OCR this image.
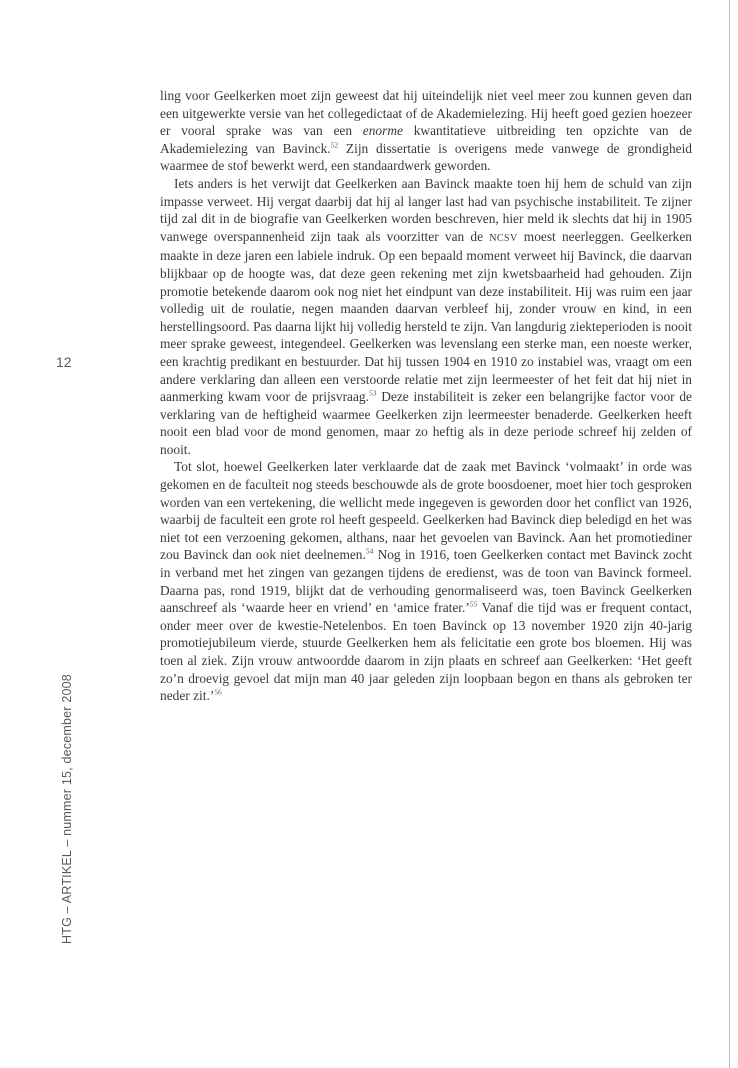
12
HTG – ARTIKEL – nummer 15, december 2008

ling voor Geelkerken moet zijn geweest dat hij uiteindelijk niet veel meer zou kunnen geven dan een uitgewerkte versie van het collegedictaat of de Akademielezing. Hij heeft goed gezien hoezeer er vooral sprake was van een enorme kwantitatieve uitbreiding ten opzichte van de Akademielezing van Bavinck.$^{52}$ Zijn dissertatie is overigens mede vanwege de grondigheid waarmee de stof bewerkt werd, een standaardwerk geworden.

Iets anders is het verwijt dat Geelkerken aan Bavinck maakte toen hij hem de schuld van zijn impasse verweet. Hij vergat daarbij dat hij al langer last had van psychische instabiliteit. Te zijner tijd zal dit in de biografie van Geelkerken worden beschreven, hier meld ik slechts dat hij in 1905 vanwege overspannenheid zijn taak als voorzitter van de NCSV moest neerleggen. Geelkerken maakte in deze jaren een labiele indruk. Op een bepaald moment verweet hij Bavinck, die daarvan blijkbaar op de hoogte was, dat deze geen rekening met zijn kwetsbaarheid had gehouden. Zijn promotie betekende daarom ook nog niet het eindpunt van deze instabiliteit. Hij was ruim een jaar volledig uit de roulatie, negen maanden daarvan verbleef hij, zonder vrouw en kind, in een herstellingsoord. Pas daarna lijkt hij volledig hersteld te zijn. Van langdurig ziekteperioden is nooit meer sprake geweest, integendeel. Geelkerken was levenslang een sterke man, een noeste werker, een krachtig predikant en bestuurder. Dat hij tussen 1904 en 1910 zo instabiel was, vraagt om een andere verklaring dan alleen een verstoorde relatie met zijn leermeester of het feit dat hij niet in aanmerking kwam voor de prijsvraag.$^{53}$ Deze instabiliteit is zeker een belangrijke factor voor de verklaring van de heftigheid waarmee Geelkerken zijn leermeester benaderde. Geelkerken heeft nooit een blad voor de mond genomen, maar zo heftig als in deze periode schreef hij zelden of nooit.

Tot slot, hoewel Geelkerken later verklaarde dat de zaak met Bavinck ‘volmaakt’ in orde was gekomen en de faculteit nog steeds beschouwde als de grote boosdoener, moet hier toch gesproken worden van een vertekening, die wellicht mede ingegeven is geworden door het conflict van 1926, waarbij de faculteit een grote rol heeft gespeeld. Geelkerken had Bavinck diep beledigd en het was niet tot een verzoening gekomen, althans, naar het gevoelen van Bavinck. Aan het promotiediner zou Bavinck dan ook niet deelnemen.$^{54}$ Nog in 1916, toen Geelkerken contact met Bavinck zocht in verband met het zingen van gezangen tijdens de eredienst, was de toon van Bavinck formeel. Daarna pas, rond 1919, blijkt dat de verhouding genormaliseerd was, toen Bavinck Geelkerken aanschreef als ‘waarde heer en vriend’ en ‘amice frater.’$^{55}$ Vanaf die tijd was er frequent contact, onder meer over de kwestie-Netelenbos. En toen Bavinck op 13 november 1920 zijn 40-jarig promotiejubileum vierde, stuurde Geelkerken hem als felicitatie een grote bos bloemen. Hij was toen al ziek. Zijn vrouw antwoordde daarom in zijn plaats en schreef aan Geelkerken: ‘Het geeft zo’n droevig gevoel dat mijn man 40 jaar geleden zijn loopbaan begon en thans als gebroken ter neder zit.’$^{56}$
